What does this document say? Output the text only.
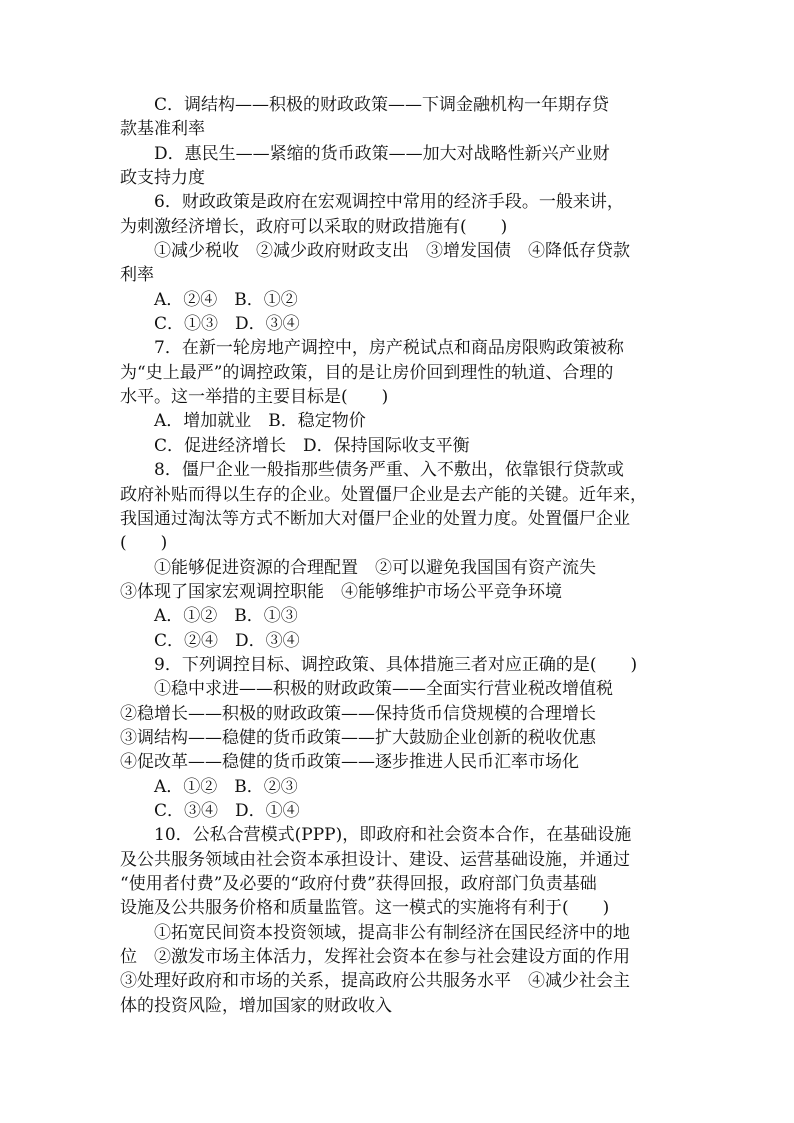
C．调结构——积极的财政政策——下调金融机构一年期存贷
款基准利率
D．惠民生——紧缩的货币政策——加大对战略性新兴产业财
政支持力度
6．财政政策是政府在宏观调控中常用的经济手段。一般来讲，
为刺激经济增长，政府可以采取的财政措施有(　　)
①减少税收　②减少政府财政支出　③增发国债　④降低存贷款
利率
A．②④　B．①②
C．①③　D．③④
7．在新一轮房地产调控中，房产税试点和商品房限购政策被称
为“史上最严”的调控政策，目的是让房价回到理性的轨道、合理的
水平。这一举措的主要目标是(　　)
A．增加就业　B．稳定物价
C．促进经济增长　D．保持国际收支平衡
8．僵尸企业一般指那些债务严重、入不敷出，依靠银行贷款或
政府补贴而得以生存的企业。处置僵尸企业是去产能的关键。近年来，
我国通过淘汰等方式不断加大对僵尸企业的处置力度。处置僵尸企业
(　　)
①能够促进资源的合理配置　②可以避免我国国有资产流失
③体现了国家宏观调控职能　④能够维护市场公平竞争环境
A．①②　B．①③
C．②④　D．③④
9．下列调控目标、调控政策、具体措施三者对应正确的是(　　)
①稳中求进——积极的财政政策——全面实行营业税改增值税
②稳增长——积极的财政政策——保持货币信贷规模的合理增长
③调结构——稳健的货币政策——扩大鼓励企业创新的税收优惠
④促改革——稳健的货币政策——逐步推进人民币汇率市场化
A．①②　B．②③
C．③④　D．①④
10．公私合营模式(PPP)，即政府和社会资本合作，在基础设施
及公共服务领域由社会资本承担设计、建设、运营基础设施，并通过
“使用者付费”及必要的“政府付费”获得回报，政府部门负责基础
设施及公共服务价格和质量监管。这一模式的实施将有利于(　　)
①拓宽民间资本投资领域，提高非公有制经济在国民经济中的地
位　②激发市场主体活力，发挥社会资本在参与社会建设方面的作用
③处理好政府和市场的关系，提高政府公共服务水平　④减少社会主
体的投资风险，增加国家的财政收入
